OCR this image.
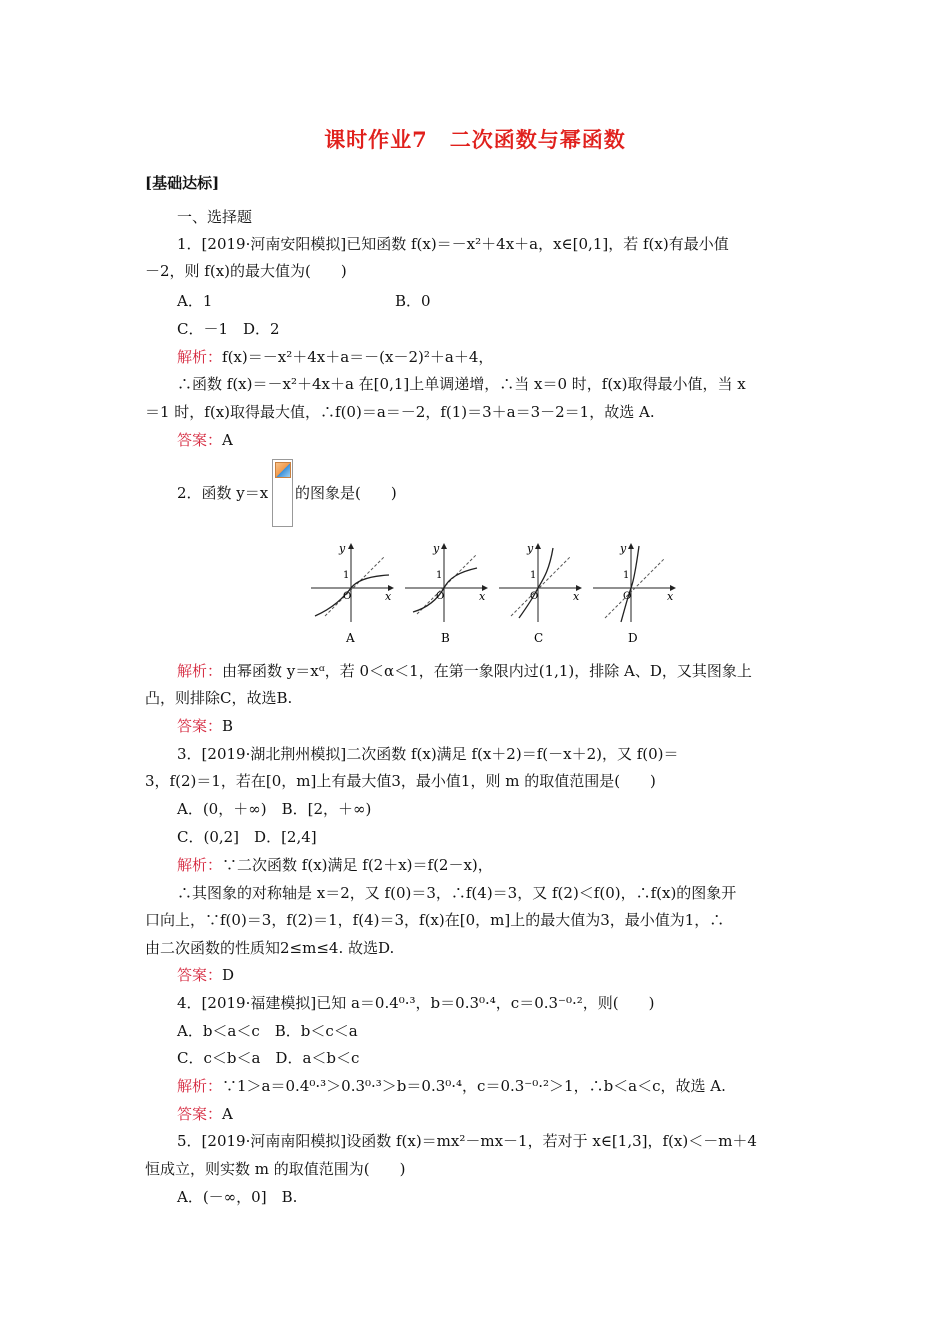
课时作业7　二次函数与幂函数
[基础达标]
一、选择题
1．[2019·河南安阳模拟]已知函数 f(x)＝－x²＋4x＋a，x∈[0,1]，若 f(x)有最小值
－2，则 f(x)的最大值为(　　)
A．1	B．0
C．－1　D．2
解析：f(x)＝－x²＋4x＋a＝－(x－2)²＋a＋4，
∴函数 f(x)＝－x²＋4x＋a 在[0,1]上单调递增，∴当 x＝0 时，f(x)取得最小值，当 x
＝1 时，f(x)取得最大值，∴f(0)＝a＝－2，f(1)＝3＋a＝3－2＝1，故选 A.
答案：A
2．函数 y＝x 的图象是(　　)
y
x
1
O
A
y
x
1
O
B
y
x
1
O
C
y
x
1
O
D
解析：由幂函数 y＝xᵅ，若 0＜α＜1，在第一象限内过(1,1)，排除 A、D，又其图象上
凸，则排除C，故选B.
答案：B
3．[2019·湖北荆州模拟]二次函数 f(x)满足 f(x＋2)＝f(－x＋2)，又 f(0)＝
3，f(2)＝1，若在[0，m]上有最大值3，最小值1，则 m 的取值范围是(　　)
A．(0，＋∞)　B．[2，＋∞)
C．(0,2]　D．[2,4]
解析：∵二次函数 f(x)满足 f(2＋x)＝f(2－x)，
∴其图象的对称轴是 x＝2，又 f(0)＝3，∴f(4)＝3，又 f(2)＜f(0)，∴f(x)的图象开
口向上，∵f(0)＝3，f(2)＝1，f(4)＝3，f(x)在[0，m]上的最大值为3，最小值为1，∴
由二次函数的性质知2≤m≤4. 故选D.
答案：D
4．[2019·福建模拟]已知 a＝0.4⁰·³，b＝0.3⁰·⁴，c＝0.3⁻⁰·²，则(　　)
A．b＜a＜c　B．b＜c＜a
C．c＜b＜a　D．a＜b＜c
解析：∵1＞a＝0.4⁰·³＞0.3⁰·³＞b＝0.3⁰·⁴，c＝0.3⁻⁰·²＞1，∴b＜a＜c，故选 A.
答案：A
5．[2019·河南南阳模拟]设函数 f(x)＝mx²－mx－1，若对于 x∈[1,3]，f(x)＜－m＋4
恒成立，则实数 m 的取值范围为(　　)
A．(－∞，0]　B.
